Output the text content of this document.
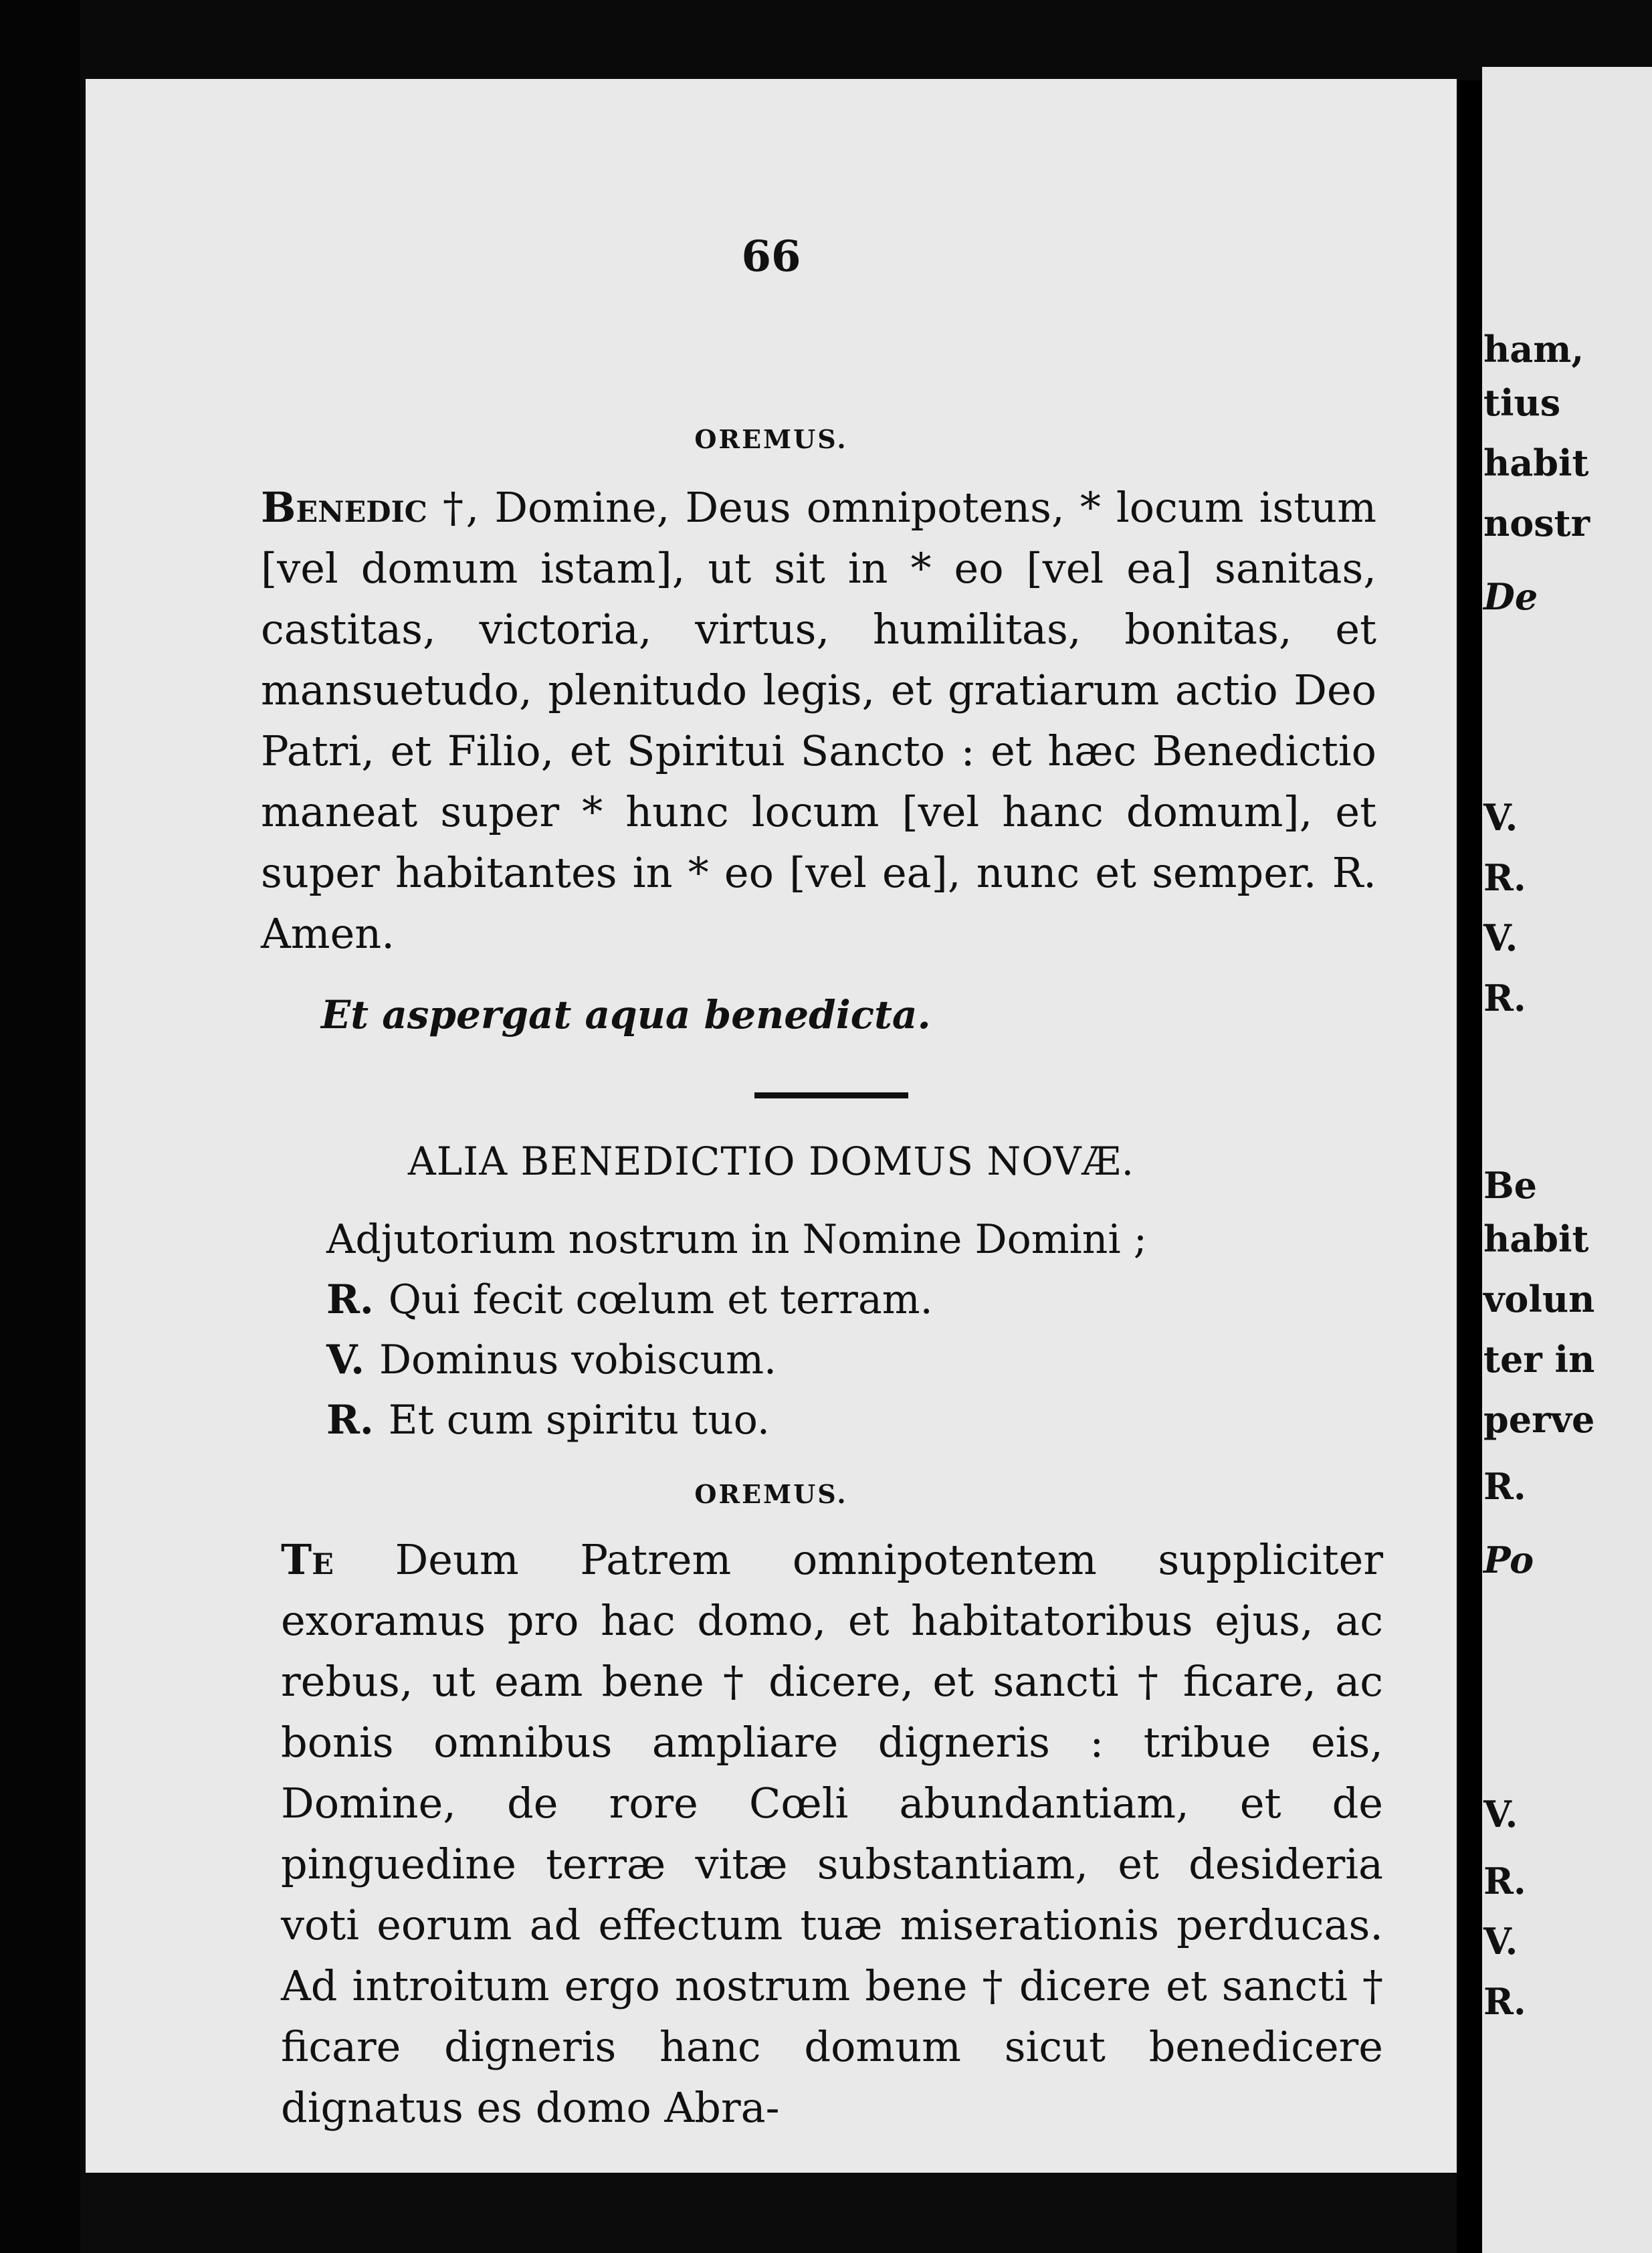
66
OREMUS.
Benedic †, Domine, Deus omnipotens, * locum istum [vel domum istam], ut sit in * eo [vel ea] sanitas, castitas, victoria, virtus, humilitas, bonitas, et mansuetudo, plenitudo legis, et gratiarum actio Deo Patri, et Filio, et Spiritui Sancto : et hæc Benedictio maneat super * hunc locum [vel hanc domum], et super habitantes in * eo [vel ea], nunc et semper. R. Amen.
Et aspergat aqua benedicta.
ALIA BENEDICTIO DOMUS NOVÆ.
Adjutorium nostrum in Nomine Domini ;
R. Qui fecit cœlum et terram.
V. Dominus vobiscum.
R. Et cum spiritu tuo.
OREMUS.
Te Deum Patrem omnipotentem suppliciter exoramus pro hac domo, et habitatoribus ejus, ac rebus, ut eam bene † dicere, et sancti † ficare, ac bonis omnibus ampliare digneris : tribue eis, Domine, de rore Cœli abundantiam, et de pinguedine terræ vitæ substantiam, et desideria voti eorum ad effectum tuæ miserationis perducas. Ad introitum ergo nostrum bene † dicere et sancti † ficare digneris hanc domum sicut benedicere dignatus es domo Abra-
ham,
tius
habit
nostr
De
V.
R.
V.
R.
Be
habit
volun
ter in
perve
R.
Po
V.
R.
V.
R.
